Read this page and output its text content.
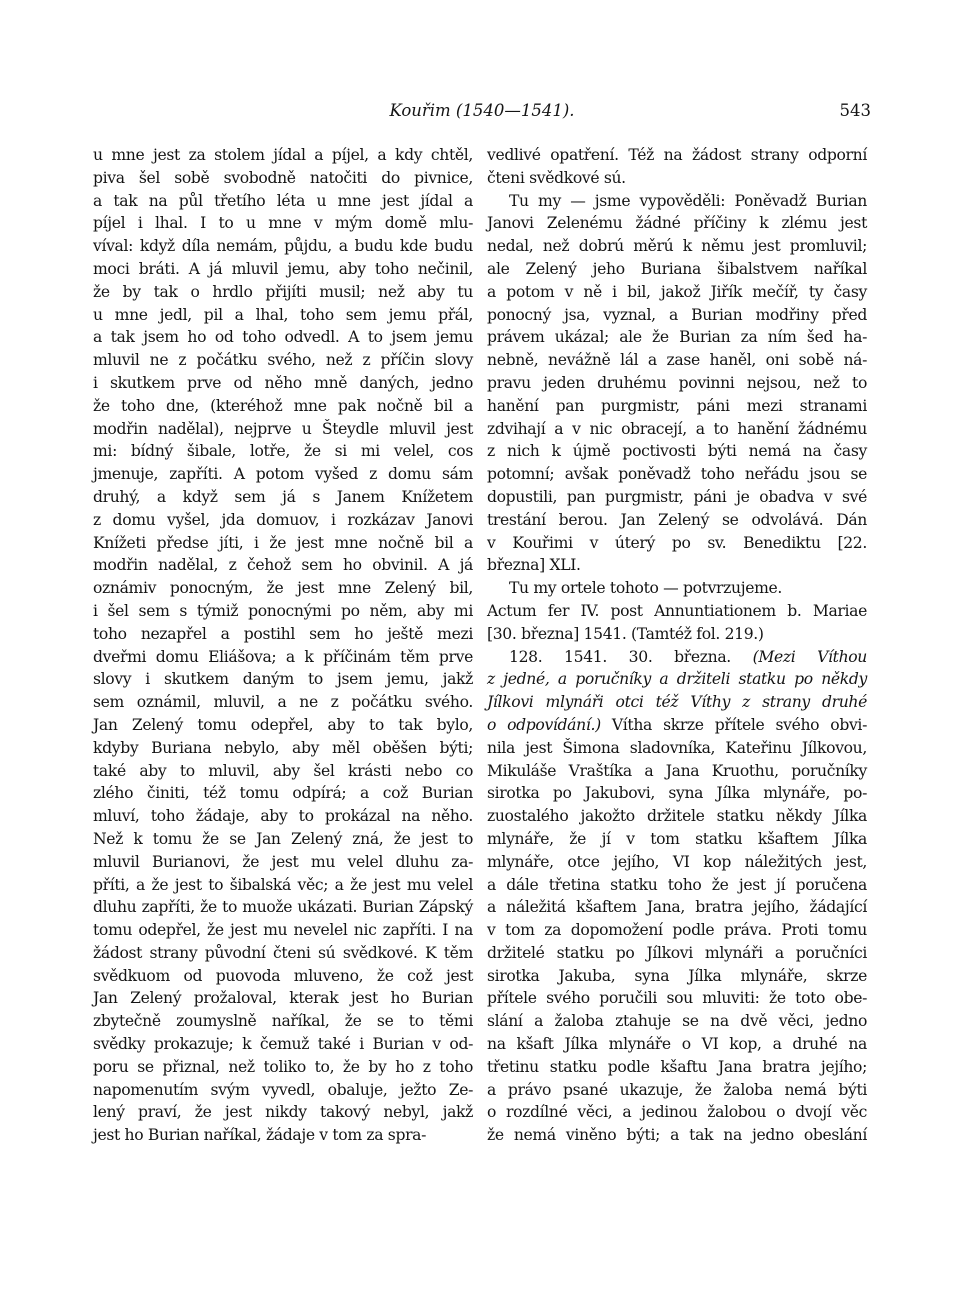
Kouřim (1540—1541).	543
u mne jest za stolem jídal a píjel, a kdy chtěl,
piva šel sobě svobodně natočiti do pivnice,
a tak na půl třetího léta u mne jest jídal a
píjel i lhal. I to u mne v mým domě mlu-
víval: když díla nemám, půjdu, a budu kde budu
moci bráti. A já mluvil jemu, aby toho nečinil,
že by tak o hrdlo přijíti musil; než aby tu
u mne jedl, pil a lhal, toho sem jemu přál,
a tak jsem ho od toho odvedl. A to jsem jemu
mluvil ne z počátku svého, než z příčin slovy
i skutkem prve od něho mně daných, jedno
že toho dne, (kteréhož mne pak nočně bil a
modřin nadělal), nejprve u Šteydle mluvil jest
mi: bídný šibale, lotře, že si mi velel, cos
jmenuje, zapříti. A potom vyšed z domu sám
druhý, a když sem já s Janem Knížetem
z domu vyšel, jda domuov, i rozkázav Janovi
Knížeti předse jíti, i že jest mne nočně bil a
modřin nadělal, z čehož sem ho obvinil. A já
oznámiv ponocným, že jest mne Zelený bil,
i šel sem s týmiž ponocnými po něm, aby mi
toho nezapřel a postihl sem ho ještě mezi
dveřmi domu Eliášova; a k příčinám těm prve
slovy i skutkem daným to jsem jemu, jakž
sem oznámil, mluvil, a ne z počátku svého.
Jan Zelený tomu odepřel, aby to tak bylo,
kdyby Buriana nebylo, aby měl oběšen býti;
také aby to mluvil, aby šel krásti nebo co
zlého činiti, též tomu odpírá; a což Burian
mluví, toho žádaje, aby to prokázal na něho.
Než k tomu že se Jan Zelený zná, že jest to
mluvil Burianovi, že jest mu velel dluhu za-
příti, a že jest to šibalská věc; a že jest mu velel
dluhu zapříti, že to muože ukázati. Burian Zápský
tomu odepřel, že jest mu nevelel nic zapříti. I na
žádost strany původní čteni sú svědkové. K těm
svědkuom od puovoda mluveno, že což jest
Jan Zelený prožaloval, kterak jest ho Burian
zbytečně zoumyslně naříkal, že se to těmi
svědky prokazuje; k čemuž také i Burian v od-
poru se přiznal, než toliko to, že by ho z toho
napomenutím svým vyvedl, obaluje, ježto Ze-
lený praví, že jest nikdy takový nebyl, jakž
jest ho Burian naříkal, žádaje v tom za spra-
vedlivé opatření. Též na žádost strany odporní
čteni svědkové sú.
Tu my — jsme vypověděli: Poněvadž Burian
Janovi Zelenému žádné příčiny k zlému jest
nedal, než dobrú měrú k němu jest promluvil;
ale Zelený jeho Buriana šibalstvem naříkal
a potom v ně i bil, jakož Jiřík mečíř, ty časy
ponocný jsa, vyznal, a Burian modřiny před
právem ukázal; ale že Burian za ním šed ha-
nebně, nevážně lál a zase haněl, oni sobě ná-
pravu jeden druhému povinni nejsou, než to
hanění pan purgmistr, páni mezi stranami
zdvihají a v nic obracejí, a to hanění žádnému
z nich k újmě poctivosti býti nemá na časy
potomní; avšak poněvadž toho neřádu jsou se
dopustili, pan purgmistr, páni je obadva v své
trestání berou. Jan Zelený se odvolává. Dán
v Kouřimi v úterý po sv. Benediktu [22.
března] XLI.
Tu my ortele tohoto — potvrzujeme.
Actum fer IV. post Annuntiationem b. Mariae
[30. března] 1541. (Tamtéž fol. 219.)
128. 1541. 30. března. (Mezi Víthou
z jedné, a poručníky a držiteli statku po někdy
Jílkovi mlynáři otci též Víthy z strany druhé
o odpovídání.) Vítha skrze přítele svého obvi-
nila jest Šimona sladovníka, Kateřinu Jílkovou,
Mikuláše Vraštíka a Jana Kruothu, poručníky
sirotka po Jakubovi, syna Jílka mlynáře, po-
zuostalého jakožto držitele statku někdy Jílka
mlynáře, že jí v tom statku kšaftem Jílka
mlynáře, otce jejího, VI kop náležitých jest,
a dále třetina statku toho že jest jí poručena
a náležitá kšaftem Jana, bratra jejího, žádající
v tom za dopomožení podle práva. Proti tomu
držitelé statku po Jílkovi mlynáři a poručníci
sirotka Jakuba, syna Jílka mlynáře, skrze
přítele svého poručili sou mluviti: že toto obe-
slání a žaloba ztahuje se na dvě věci, jedno
na kšaft Jílka mlynáře o VI kop, a druhé na
třetinu statku podle kšaftu Jana bratra jejího;
a právo psané ukazuje, že žaloba nemá býti
o rozdílné věci, a jedinou žalobou o dvojí věc
že nemá viněno býti; a tak na jedno obeslání
